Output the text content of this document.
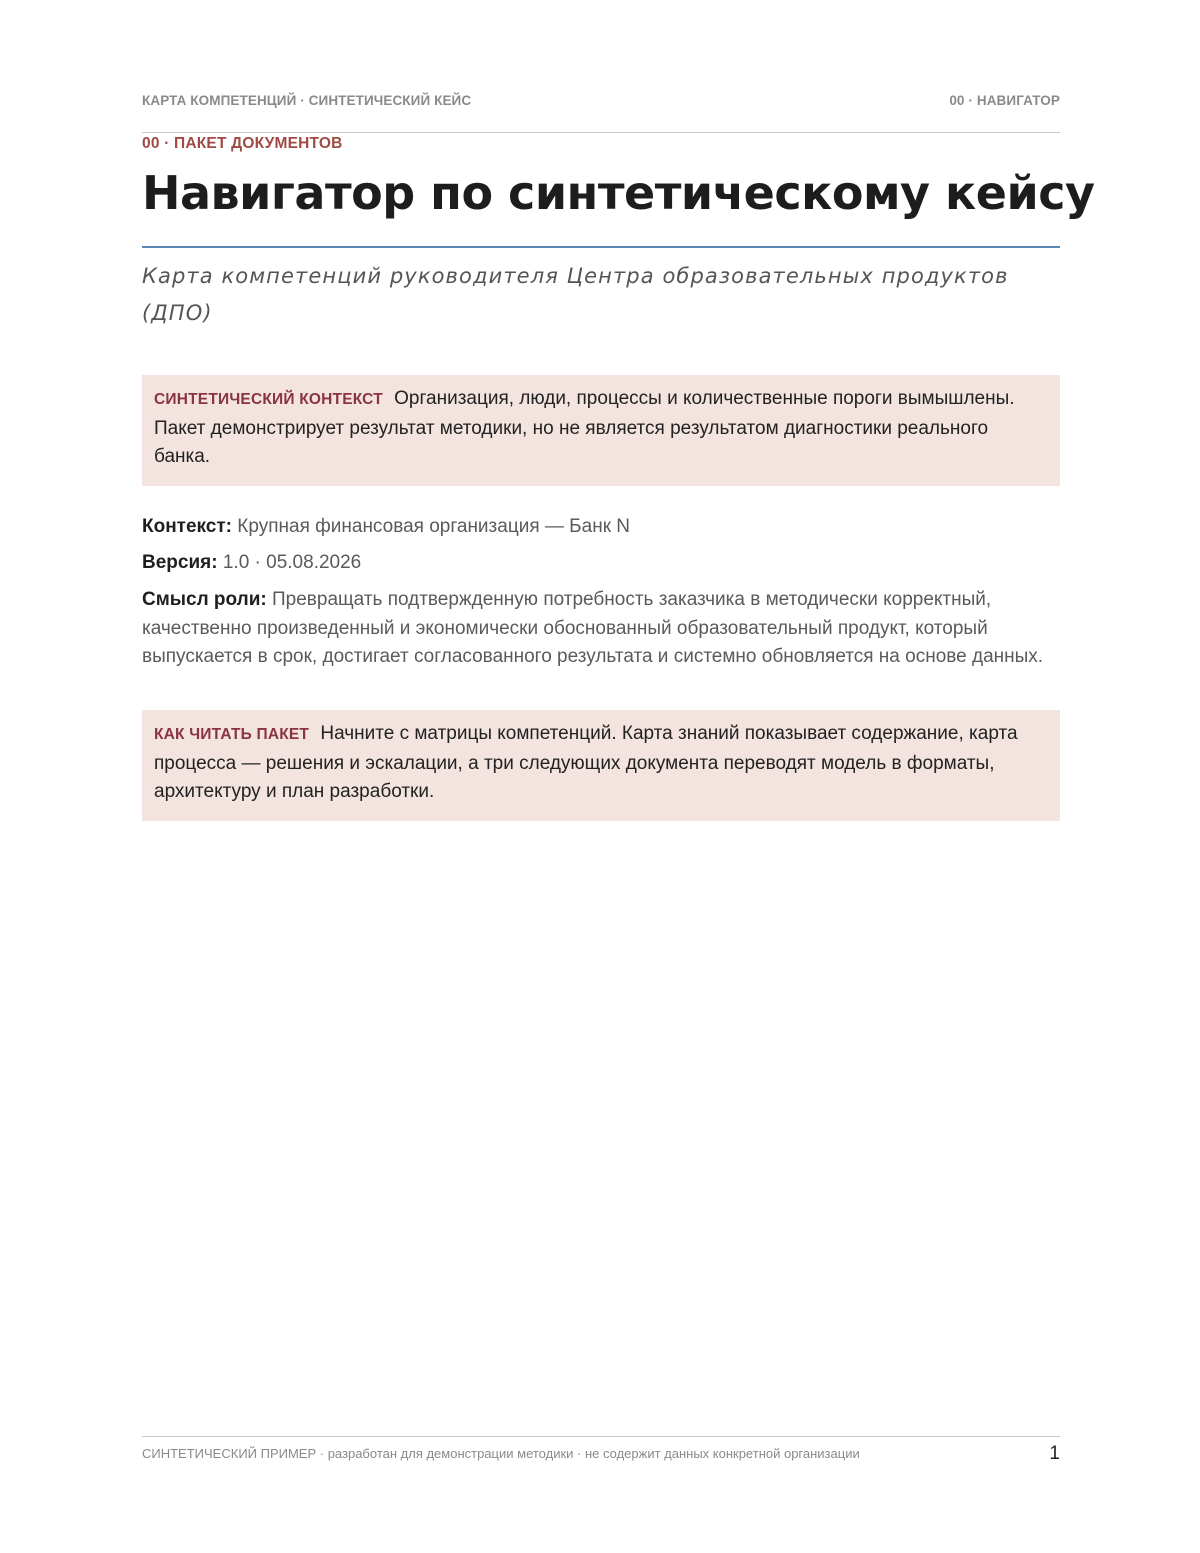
КАРТА КОМПЕТЕНЦИЙ · СИНТЕТИЧЕСКИЙ КЕЙС	00 · НАВИГАТОР
00 · ПАКЕТ ДОКУМЕНТОВ
Навигатор по синтетическому кейсу

Карта компетенций руководителя Центра образовательных продуктов (ДПО)

СИНТЕТИЧЕСКИЙ КОНТЕКСТ Организация, люди, процессы и количественные пороги вымышлены. Пакет демонстрирует результат методики, но не является результатом диагностики реального банка.
Контекст: Крупная финансовая организация — Банк N
Версия: 1.0 · 05.08.2026
Смысл роли: Превращать подтвержденную потребность заказчика в методически корректный, качественно произведенный и экономически обоснованный образовательный продукт, который выпускается в срок, достигает согласованного результата и системно обновляется на основе данных.
КАК ЧИТАТЬ ПАКЕТ Начните с матрицы компетенций. Карта знаний показывает содержание, карта процесса — решения и эскалации, а три следующих документа переводят модель в форматы, архитектуру и план разработки.
СИНТЕТИЧЕСКИЙ ПРИМЕР · разработан для демонстрации методики · не содержит данных конкретной организации	1
